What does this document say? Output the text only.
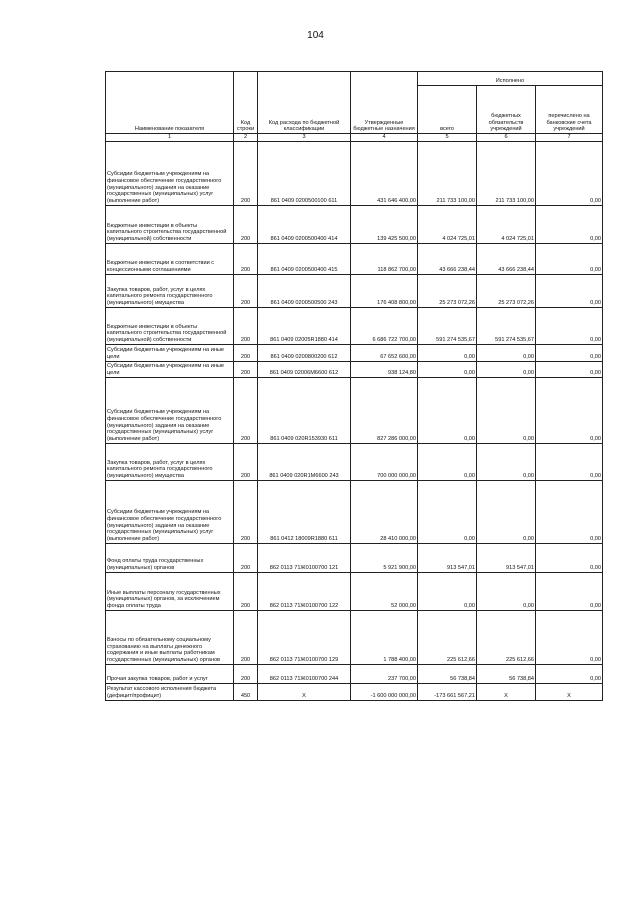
104
Наименование показателя	Код строки	Код расхода по бюджетной классификации	Утвержденные бюджетные назначения	Исполнено		
				всего	бюджетных обязательств учреждений	перечислено на банковские счета учреждений
1	2	3	4	5	6	7
Субсидии бюджетным учреждениям на финансовое обеспечение государственного (муниципального) задания на оказание государственных (муниципальных) услуг (выполнение работ)	200	861 0409 0200500100 611	431 646 400,00	211 733 100,00	211 733 100,00	0,00
Бюджетные инвестиции в объекты капитального строительства государственной (муниципальной) собственности	200	861 0409 0200500400 414	139 425 500,00	4 024 725,01	4 024 725,01	0,00
Бюджетные инвестиции в соответствии с концессионными соглашениями	200	861 0409 0200500400 415	118 862 700,00	43 666 238,44	43 666 238,44	0,00
Закупка товаров, работ, услуг в целях капитального ремонта государственного (муниципального) имущества	200	861 0409 0200500500 243	176 408 800,00	25 273 072,26	25 273 072,26	0,00
Бюджетные инвестиции в объекты капитального строительства государственной (муниципальной) собственности	200	861 0409 02005R1880 414	6 686 722 700,00	591 274 535,67	591 274 535,67	0,00
Субсидии бюджетным учреждениям на иные цели	200	861 0409 0200800200 612	67 652 600,00	0,00	0,00	0,00
Субсидии бюджетным учреждениям на иные цели	200	861 0409 02006M6600 612	938 124,80	0,00	0,00	0,00
Субсидии бюджетным учреждениям на финансовое обеспечение государственного (муниципального) задания на оказание государственных (муниципальных) услуг (выполнение работ)	200	861 0409 020R153930 611	827 286 000,00	0,00	0,00	0,00
Закупка товаров, работ, услуг в целях капитального ремонта государственного (муниципального) имущества	200	861 0409 020R1M6600 243	700 000 000,00	0,00	0,00	0,00
Субсидии бюджетным учреждениям на финансовое обеспечение государственного (муниципального) задания на оказание государственных (муниципальных) услуг (выполнение работ)	200	861 0412 18009R1880 611	28 410 000,00	0,00	0,00	0,00
Фонд оплаты труда государственных (муниципальных) органов	200	862 0113 71Ж0100700 121	5 921 900,00	913 547,01	913 547,01	0,00
Иные выплаты персоналу государственных (муниципальных) органов, за исключением фонда оплаты труда	200	862 0113 71Ж0100700 122	52 000,00	0,00	0,00	0,00
Взносы по обязательному социальному страхованию на выплаты денежного содержания и иные выплаты работникам государственных (муниципальных) органов	200	862 0113 71Ж0100700 129	1 788 400,00	225 612,66	225 612,66	0,00
Прочая закупка товаров, работ и услуг	200	862 0113 71Ж0100700 244	237 700,00	56 738,84	56 738,84	0,00
Результат кассового исполнения бюджета (дефицит/профицит)	450	X	-1 600 000 000,00	-173 661 567,21	X	X
